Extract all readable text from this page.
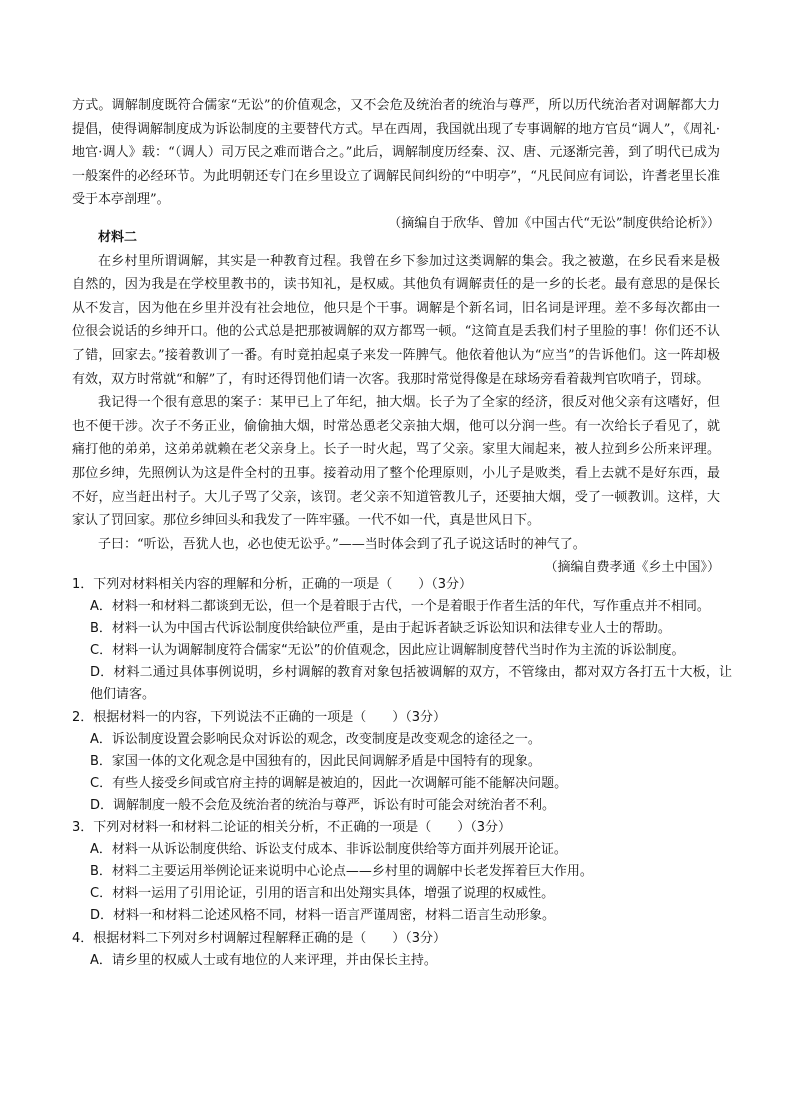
方式。调解制度既符合儒家“无讼”的价值观念，又不会危及统治者的统治与尊严，所以历代统治者对调解都大力提倡，使得调解制度成为诉讼制度的主要替代方式。早在西周，我国就出现了专事调解的地方官员“调人”，《周礼·地官·调人》载：“（调人）司万民之难而谐合之。”此后，调解制度历经秦、汉、唐、元逐渐完善，到了明代已成为一般案件的必经环节。为此明朝还专门在乡里设立了调解民间纠纷的“中明亭”，“凡民间应有词讼，许耆老里长准受于本亭剖理”。

（摘编自于欣华、曾加《中国古代“无讼”制度供给论析》）

材料二

在乡村里所谓调解，其实是一种教育过程。我曾在乡下参加过这类调解的集会。我之被邀，在乡民看来是极自然的，因为我是在学校里教书的，读书知礼，是权威。其他负有调解责任的是一乡的长老。最有意思的是保长从不发言，因为他在乡里并没有社会地位，他只是个干事。调解是个新名词，旧名词是评理。差不多每次都由一位很会说话的乡绅开口。他的公式总是把那被调解的双方都骂一顿。“这简直是丢我们村子里脸的事！你们还不认了错，回家去。”接着教训了一番。有时竟拍起桌子来发一阵脾气。他依着他认为“应当”的告诉他们。这一阵却极有效，双方时常就“和解”了，有时还得罚他们请一次客。我那时常觉得像是在球场旁看着裁判官吹哨子，罚球。

我记得一个很有意思的案子：某甲已上了年纪，抽大烟。长子为了全家的经济，很反对他父亲有这嗜好，但也不便干涉。次子不务正业，偷偷抽大烟，时常怂恿老父亲抽大烟，他可以分润一些。有一次给长子看见了，就痛打他的弟弟，这弟弟就赖在老父亲身上。长子一时火起，骂了父亲。家里大闹起来，被人拉到乡公所来评理。那位乡绅，先照例认为这是件全村的丑事。接着动用了整个伦理原则，小儿子是败类，看上去就不是好东西，最不好，应当赶出村子。大儿子骂了父亲，该罚。老父亲不知道管教儿子，还要抽大烟，受了一顿教训。这样，大家认了罚回家。那位乡绅回头和我发了一阵牢骚。一代不如一代，真是世风日下。

子曰：“听讼，吾犹人也，必也使无讼乎。”——当时体会到了孔子说这话时的神气了。

（摘编自费孝通《乡土中国》）

1．下列对材料相关内容的理解和分析，正确的一项是（　　）（3分）

A．材料一和材料二都谈到无讼，但一个是着眼于古代，一个是着眼于作者生活的年代，写作重点并不相同。

B．材料一认为中国古代诉讼制度供给缺位严重，是由于起诉者缺乏诉讼知识和法律专业人士的帮助。

C．材料一认为调解制度符合儒家“无讼”的价值观念，因此应让调解制度替代当时作为主流的诉讼制度。

D．材料二通过具体事例说明，乡村调解的教育对象包括被调解的双方，不管缘由，都对双方各打五十大板，让他们请客。

2．根据材料一的内容，下列说法不正确的一项是（　　）（3分）

A．诉讼制度设置会影响民众对诉讼的观念，改变制度是改变观念的途径之一。

B．家国一体的文化观念是中国独有的，因此民间调解矛盾是中国特有的现象。

C．有些人接受乡间或官府主持的调解是被迫的，因此一次调解可能不能解决问题。

D．调解制度一般不会危及统治者的统治与尊严，诉讼有时可能会对统治者不利。

3．下列对材料一和材料二论证的相关分析，不正确的一项是（　　）（3分）

A．材料一从诉讼制度供给、诉讼支付成本、非诉讼制度供给等方面并列展开论证。

B．材料二主要运用举例论证来说明中心论点——乡村里的调解中长老发挥着巨大作用。

C．材料一运用了引用论证，引用的语言和出处翔实具体，增强了说理的权威性。

D．材料一和材料二论述风格不同，材料一语言严谨周密，材料二语言生动形象。

4．根据材料二下列对乡村调解过程解释正确的是（　　）（3分）

A．请乡里的权威人士或有地位的人来评理，并由保长主持。
